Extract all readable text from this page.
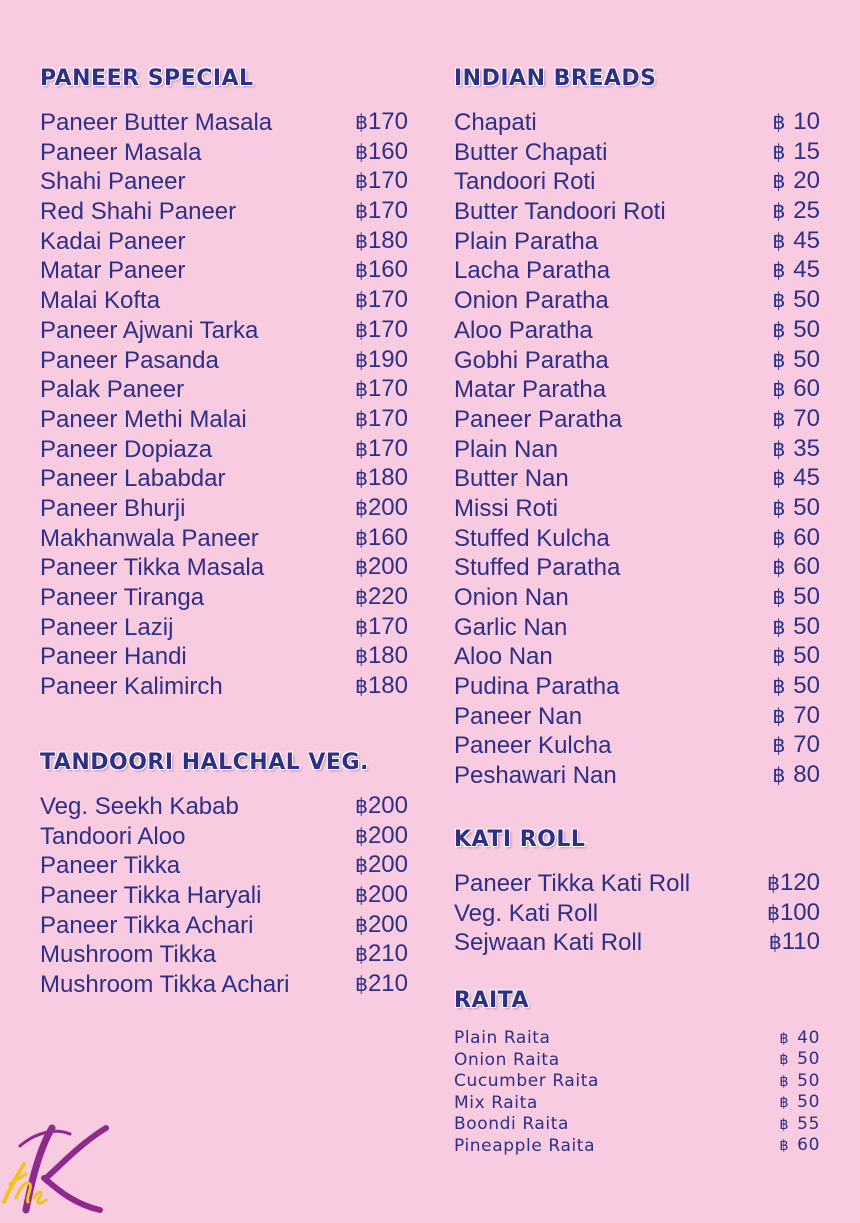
PANEER SPECIAL
Paneer Butter Masala	฿170
Paneer Masala	฿160
Shahi Paneer	฿170
Red Shahi Paneer	฿170
Kadai Paneer	฿180
Matar Paneer	฿160
Malai Kofta	฿170
Paneer Ajwani Tarka	฿170
Paneer Pasanda	฿190
Palak Paneer	฿170
Paneer Methi Malai	฿170
Paneer Dopiaza	฿170
Paneer Lababdar	฿180
Paneer Bhurji	฿200
Makhanwala Paneer	฿160
Paneer Tikka Masala	฿200
Paneer Tiranga	฿220
Paneer Lazij	฿170
Paneer Handi	฿180
Paneer Kalimirch	฿180
TANDOORI HALCHAL VEG.
Veg. Seekh Kabab	฿200
Tandoori Aloo	฿200
Paneer Tikka	฿200
Paneer Tikka Haryali	฿200
Paneer Tikka Achari	฿200
Mushroom Tikka	฿210
Mushroom Tikka Achari	฿210
INDIAN BREADS
Chapati	฿ 10
Butter Chapati	฿ 15
Tandoori Roti	฿ 20
Butter Tandoori Roti	฿ 25
Plain Paratha	฿ 45
Lacha Paratha	฿ 45
Onion Paratha	฿ 50
Aloo Paratha	฿ 50
Gobhi Paratha	฿ 50
Matar Paratha	฿ 60
Paneer Paratha	฿ 70
Plain Nan	฿ 35
Butter Nan	฿ 45
Missi Roti	฿ 50
Stuffed Kulcha	฿ 60
Stuffed Paratha	฿ 60
Onion Nan	฿ 50
Garlic Nan	฿ 50
Aloo Nan	฿ 50
Pudina Paratha	฿ 50
Paneer Nan	฿ 70
Paneer Kulcha	฿ 70
Peshawari Nan	฿ 80
KATI ROLL
Paneer Tikka Kati Roll	฿120
Veg. Kati Roll	฿100
Sejwaan Kati Roll	฿110
RAITA
Plain Raita	฿ 40
Onion Raita	฿ 50
Cucumber Raita	฿ 50
Mix Raita	฿ 50
Boondi Raita	฿ 55
Pineapple Raita	฿ 60
